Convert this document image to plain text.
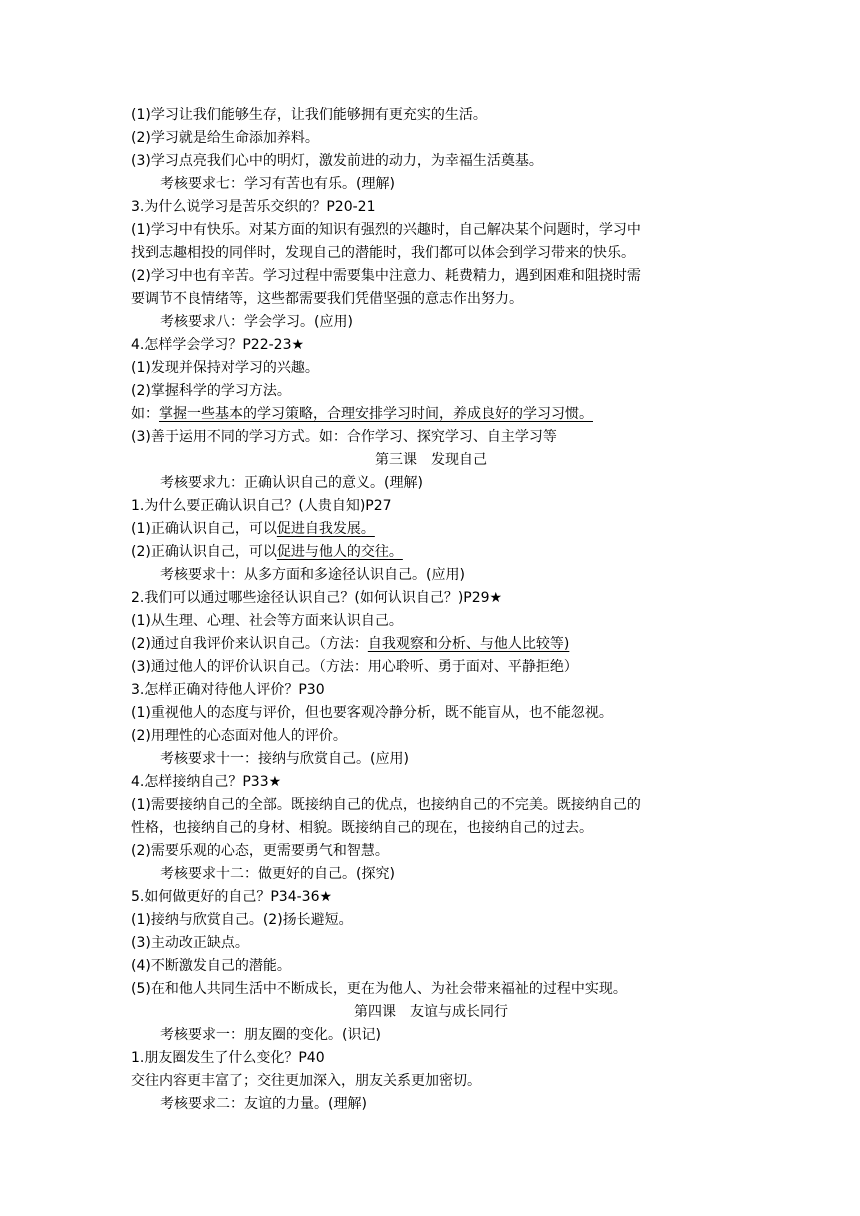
(1)学习让我们能够生存，让我们能够拥有更充实的生活。
(2)学习就是给生命添加养料。
(3)学习点亮我们心中的明灯，激发前进的动力，为幸福生活奠基。
考核要求七：学习有苦也有乐。(理解)
3.为什么说学习是苦乐交织的？P20-21
(1)学习中有快乐。对某方面的知识有强烈的兴趣时，自己解决某个问题时，学习中
找到志趣相投的同伴时，发现自己的潜能时，我们都可以体会到学习带来的快乐。
(2)学习中也有辛苦。学习过程中需要集中注意力、耗费精力，遇到困难和阻挠时需
要调节不良情绪等，这些都需要我们凭借坚强的意志作出努力。
考核要求八：学会学习。(应用)
4.怎样学会学习？P22-23★
(1)发现并保持对学习的兴趣。
(2)掌握科学的学习方法。
如：掌握一些基本的学习策略，合理安排学习时间，养成良好的学习习惯。
(3)善于运用不同的学习方式。如：合作学习、探究学习、自主学习等
第三课　发现自己
考核要求九：正确认识自己的意义。(理解)
1.为什么要正确认识自己？(人贵自知)P27
(1)正确认识自己，可以促进自我发展。
(2)正确认识自己，可以促进与他人的交往。
考核要求十：从多方面和多途径认识自己。(应用)
2.我们可以通过哪些途径认识自己？(如何认识自己？)P29★
(1)从生理、心理、社会等方面来认识自己。
(2)通过自我评价来认识自己。（方法：自我观察和分析、与他人比较等)
(3)通过他人的评价认识自己。（方法：用心聆听、勇于面对、平静拒绝）
3.怎样正确对待他人评价？P30
(1)重视他人的态度与评价，但也要客观冷静分析，既不能盲从，也不能忽视。
(2)用理性的心态面对他人的评价。
考核要求十一：接纳与欣赏自己。(应用)
4.怎样接纳自己？P33★
(1)需要接纳自己的全部。既接纳自己的优点，也接纳自己的不完美。既接纳自己的
性格，也接纳自己的身材、相貌。既接纳自己的现在，也接纳自己的过去。
(2)需要乐观的心态，更需要勇气和智慧。
考核要求十二：做更好的自己。(探究)
5.如何做更好的自己？P34-36★
(1)接纳与欣赏自己。(2)扬长避短。
(3)主动改正缺点。
(4)不断激发自己的潜能。
(5)在和他人共同生活中不断成长，更在为他人、为社会带来福祉的过程中实现。
第四课　友谊与成长同行
考核要求一：朋友圈的变化。(识记)
1.朋友圈发生了什么变化？P40
交往内容更丰富了；交往更加深入，朋友关系更加密切。
考核要求二：友谊的力量。(理解)
